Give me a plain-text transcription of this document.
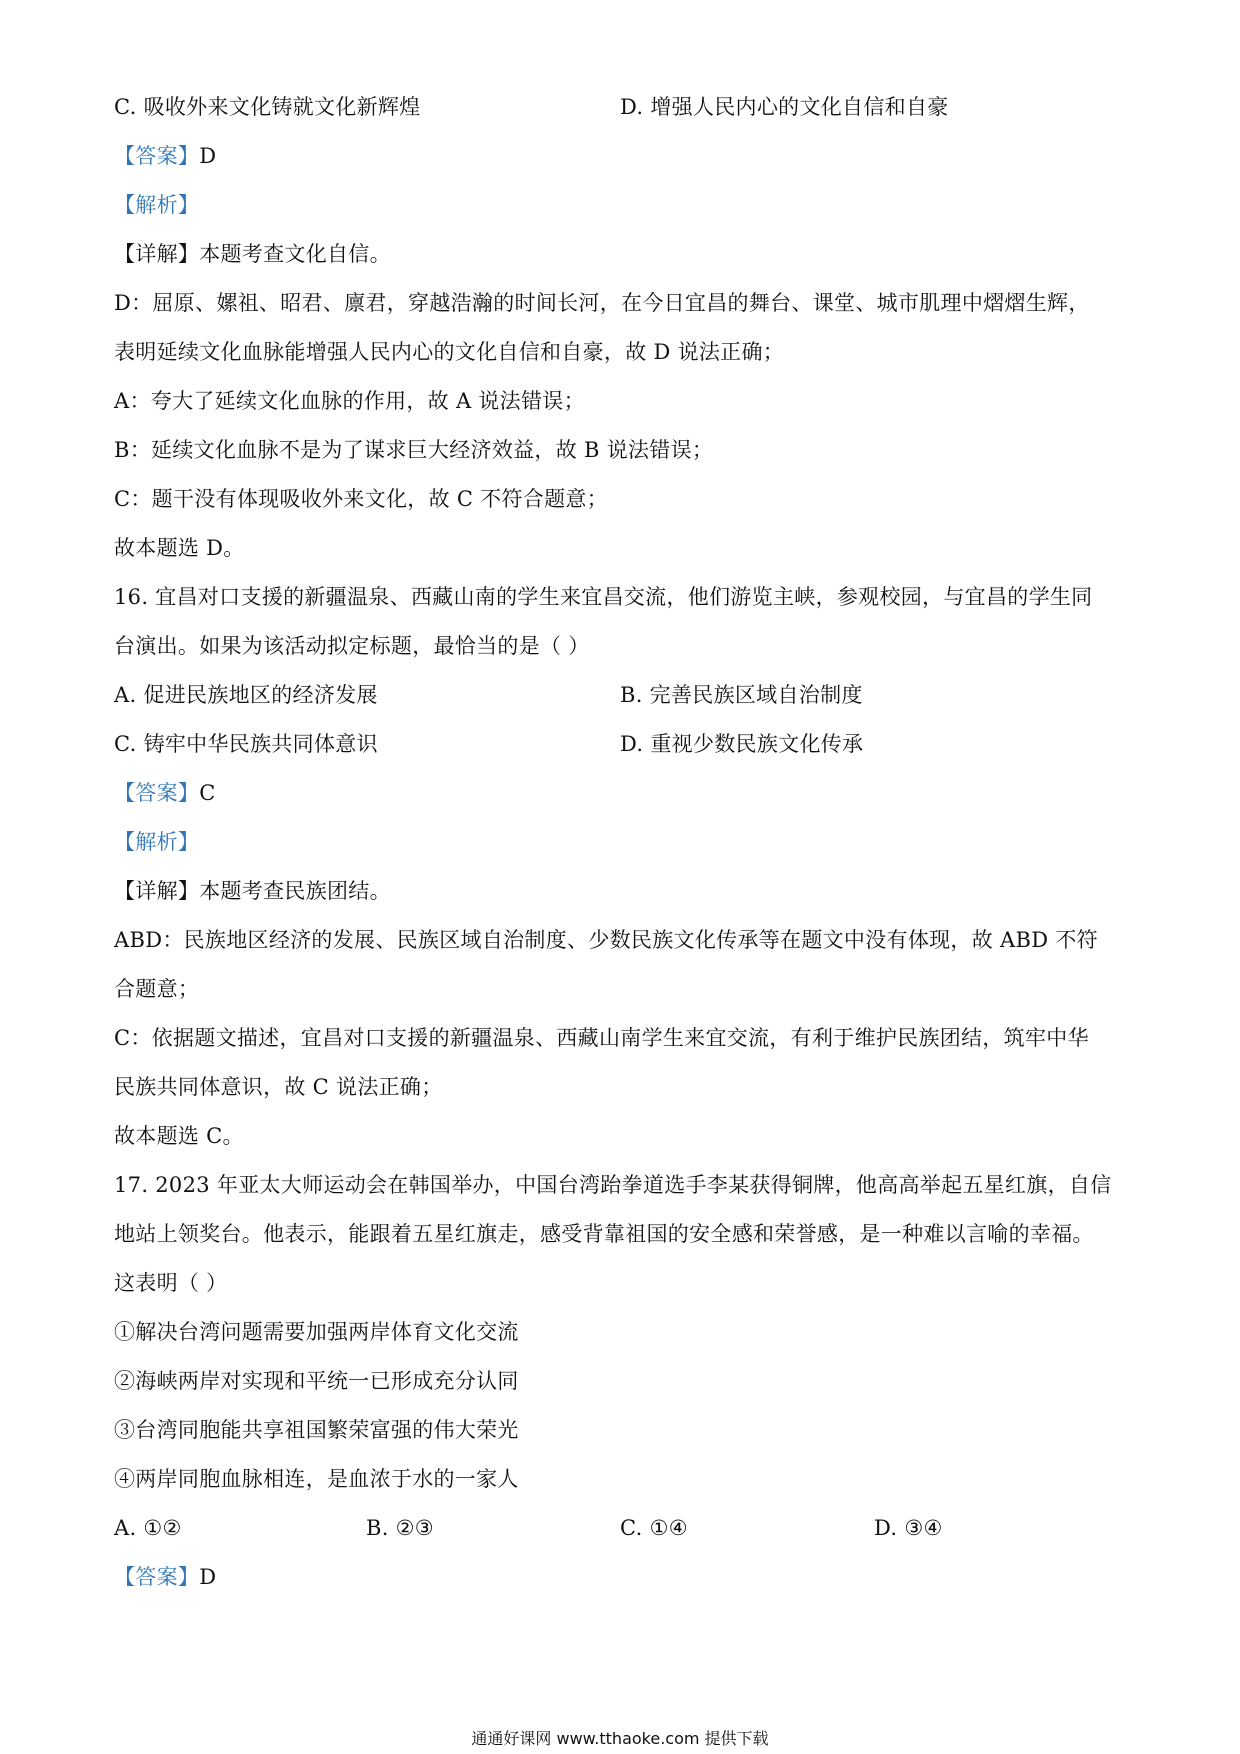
C. 吸收外来文化铸就文化新辉煌	D. 增强人民内心的文化自信和自豪
【答案】D
【解析】
【详解】本题考查文化自信。
D：屈原、嫘祖、昭君、廪君，穿越浩瀚的时间长河，在今日宜昌的舞台、课堂、城市肌理中熠熠生辉，
表明延续文化血脉能增强人民内心的文化自信和自豪，故 D 说法正确；
A：夸大了延续文化血脉的作用，故 A 说法错误；
B：延续文化血脉不是为了谋求巨大经济效益，故 B 说法错误；
C：题干没有体现吸收外来文化，故 C 不符合题意；
故本题选 D。
16. 宜昌对口支援的新疆温泉、西藏山南的学生来宜昌交流，他们游览主峡，参观校园，与宜昌的学生同
台演出。如果为该活动拟定标题，最恰当的是（ ）
A. 促进民族地区的经济发展	B. 完善民族区域自治制度
C. 铸牢中华民族共同体意识	D. 重视少数民族文化传承
【答案】C
【解析】
【详解】本题考查民族团结。
ABD：民族地区经济的发展、民族区域自治制度、少数民族文化传承等在题文中没有体现，故 ABD 不符
合题意；
C：依据题文描述，宜昌对口支援的新疆温泉、西藏山南学生来宜交流，有利于维护民族团结，筑牢中华
民族共同体意识，故 C 说法正确；
故本题选 C。
17. 2023 年亚太大师运动会在韩国举办，中国台湾跆拳道选手李某获得铜牌，他高高举起五星红旗，自信
地站上领奖台。他表示，能跟着五星红旗走，感受背靠祖国的安全感和荣誉感，是一种难以言喻的幸福。
这表明（ ）
①解决台湾问题需要加强两岸体育文化交流
②海峡两岸对实现和平统一已形成充分认同
③台湾同胞能共享祖国繁荣富强的伟大荣光
④两岸同胞血脉相连，是血浓于水的一家人
A. ①②	B. ②③	C. ①④	D. ③④
【答案】D
通通好课网 www.tthaoke.com 提供下载
